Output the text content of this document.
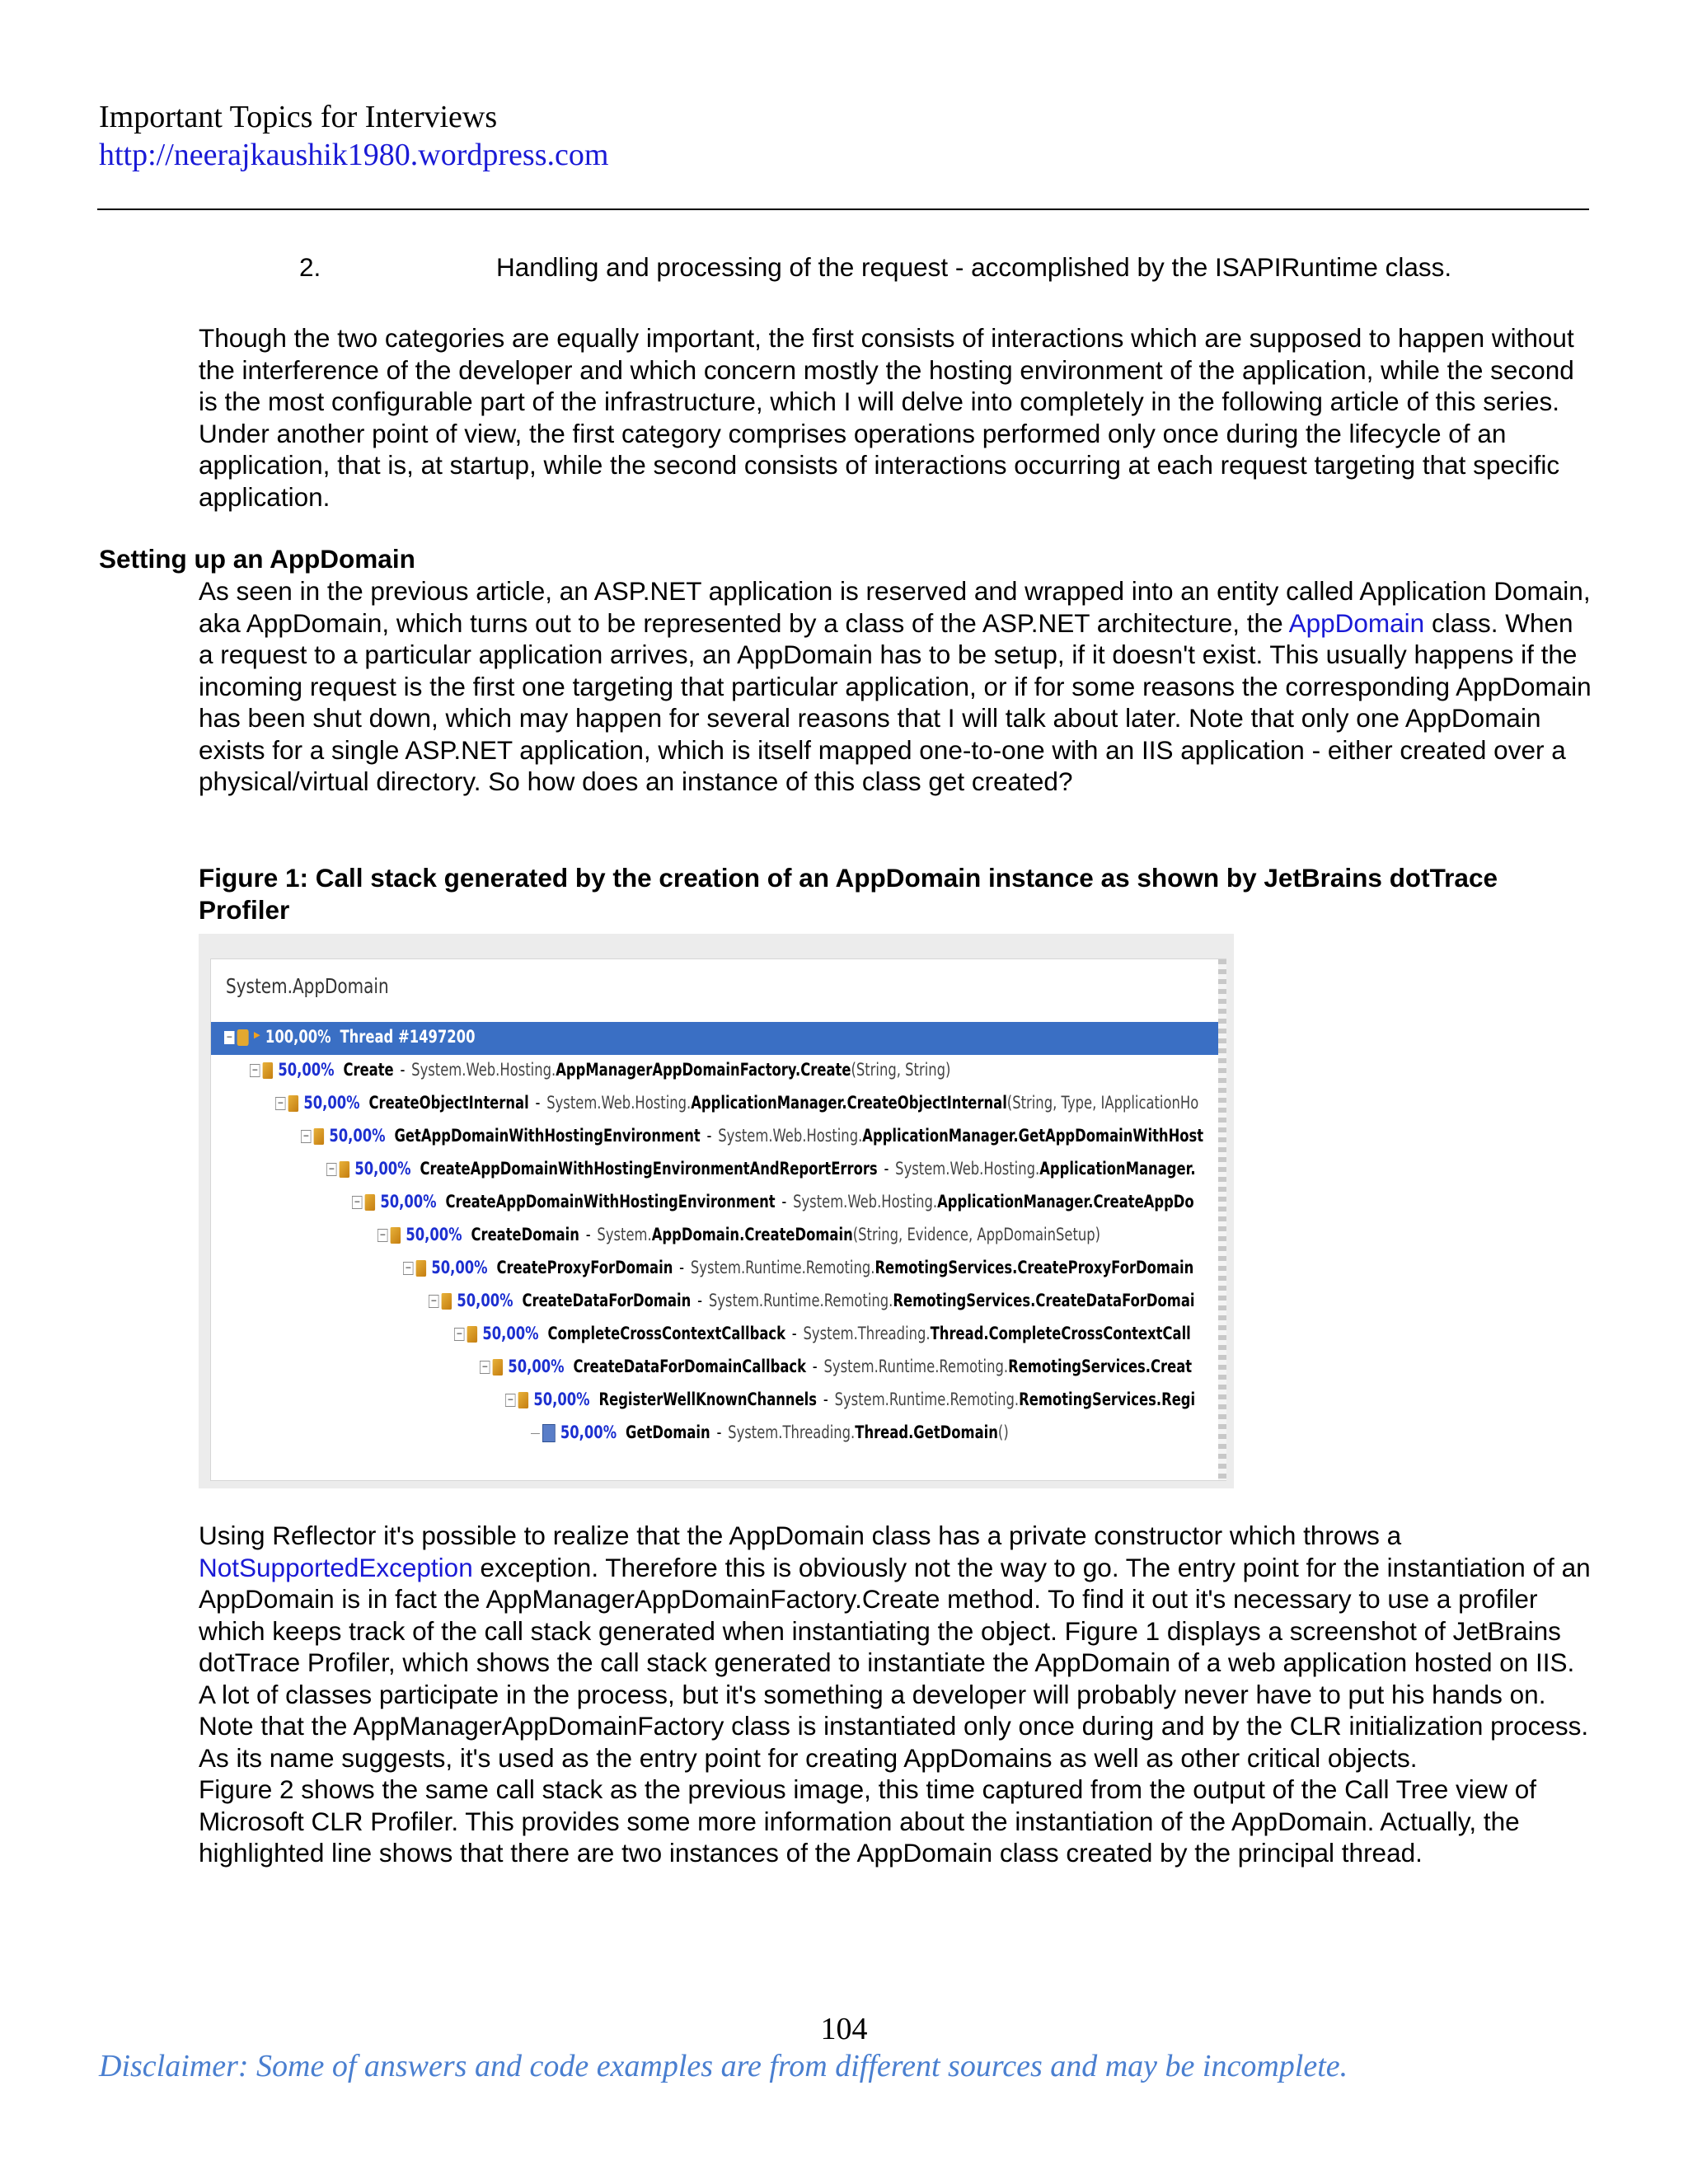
Important Topics for Interviews
http://neerajkaushik1980.wordpress.com
2.	Handling and processing of the request - accomplished by the ISAPIRuntime class.

Though the two categories are equally important, the first consists of interactions which are supposed to happen without the interference of the developer and which concern mostly the hosting environment of the application, while the second is the most configurable part of the infrastructure, which I will delve into completely in the following article of this series.

Under another point of view, the first category comprises operations performed only once during the lifecycle of an application, that is, at startup, while the second consists of interactions occurring at each request targeting that specific application.

Setting up an AppDomain

As seen in the previous article, an ASP.NET application is reserved and wrapped into an entity called Application Domain, aka AppDomain, which turns out to be represented by a class of the ASP.NET architecture, the AppDomain class. When a request to a particular application arrives, an AppDomain has to be setup, if it doesn't exist. This usually happens if the incoming request is the first one targeting that particular application, or if for some reasons the corresponding AppDomain has been shut down, which may happen for several reasons that I will talk about later. Note that only one AppDomain exists for a single ASP.NET application, which is itself mapped one-to-one with an IIS application - either created over a physical/virtual directory. So how does an instance of this class get created?

Figure 1: Call stack generated by the creation of an AppDomain instance as shown by JetBrains dotTrace Profiler
System.AppDomain
− 100,00% Thread #1497200
− 50,00% Create - System.Web.Hosting.AppManagerAppDomainFactory.Create(String, String)
− 50,00% CreateObjectInternal - System.Web.Hosting.ApplicationManager.CreateObjectInternal(String, Type, IApplicationHo
− 50,00% GetAppDomainWithHostingEnvironment - System.Web.Hosting.ApplicationManager.GetAppDomainWithHost
− 50,00% CreateAppDomainWithHostingEnvironmentAndReportErrors - System.Web.Hosting.ApplicationManager.
− 50,00% CreateAppDomainWithHostingEnvironment - System.Web.Hosting.ApplicationManager.CreateAppDo
− 50,00% CreateDomain - System.AppDomain.CreateDomain(String, Evidence, AppDomainSetup)
− 50,00% CreateProxyForDomain - System.Runtime.Remoting.RemotingServices.CreateProxyForDomain
− 50,00% CreateDataForDomain - System.Runtime.Remoting.RemotingServices.CreateDataForDomai
− 50,00% CompleteCrossContextCallback - System.Threading.Thread.CompleteCrossContextCall
− 50,00% CreateDataForDomainCallback - System.Runtime.Remoting.RemotingServices.Creat
− 50,00% RegisterWellKnownChannels - System.Runtime.Remoting.RemotingServices.Regi
50,00% GetDomain - System.Threading.Thread.GetDomain()

Using Reflector it's possible to realize that the AppDomain class has a private constructor which throws a NotSupportedException exception. Therefore this is obviously not the way to go. The entry point for the instantiation of an AppDomain is in fact the AppManagerAppDomainFactory.Create method. To find it out it's necessary to use a profiler which keeps track of the call stack generated when instantiating the object. Figure 1 displays a screenshot of JetBrains dotTrace Profiler, which shows the call stack generated to instantiate the AppDomain of a web application hosted on IIS. A lot of classes participate in the process, but it's something a developer will probably never have to put his hands on.

Note that the AppManagerAppDomainFactory class is instantiated only once during and by the CLR initialization process. As its name suggests, it's used as the entry point for creating AppDomains as well as other critical objects.

Figure 2 shows the same call stack as the previous image, this time captured from the output of the Call Tree view of Microsoft CLR Profiler. This provides some more information about the instantiation of the AppDomain. Actually, the highlighted line shows that there are two instances of the AppDomain class created by the principal thread.

104
Disclaimer: Some of answers and code examples are from different sources and may be incomplete.
